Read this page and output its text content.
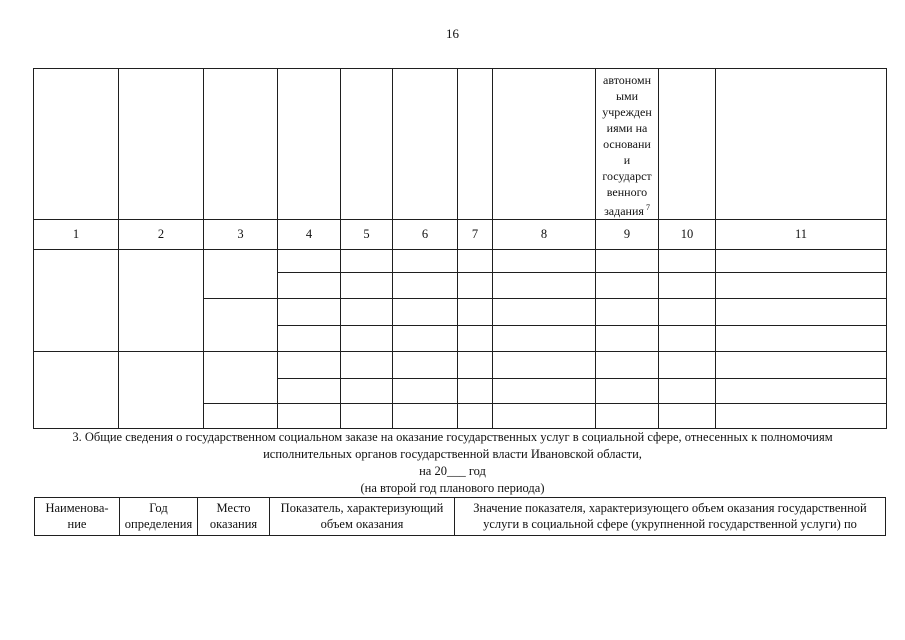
16

								автономными учреждениями на основании государственного задания $^7$

1	2	3	4	5	6	7	8	9	10	11

3. Общие сведения о государственном социальном заказе на оказание государственных услуг в социальной сфере, отнесенных к полномочиям
исполнительных органов государственной власти Ивановской области,
на 20___ год
(на второй год планового периода)
Наименова-ние	Год определения	Место оказания	Показатель, характеризующий объем оказания	Значение показателя, характеризующего объем оказания государственной услуги в социальной сфере (укрупненной государственной услуги) по
